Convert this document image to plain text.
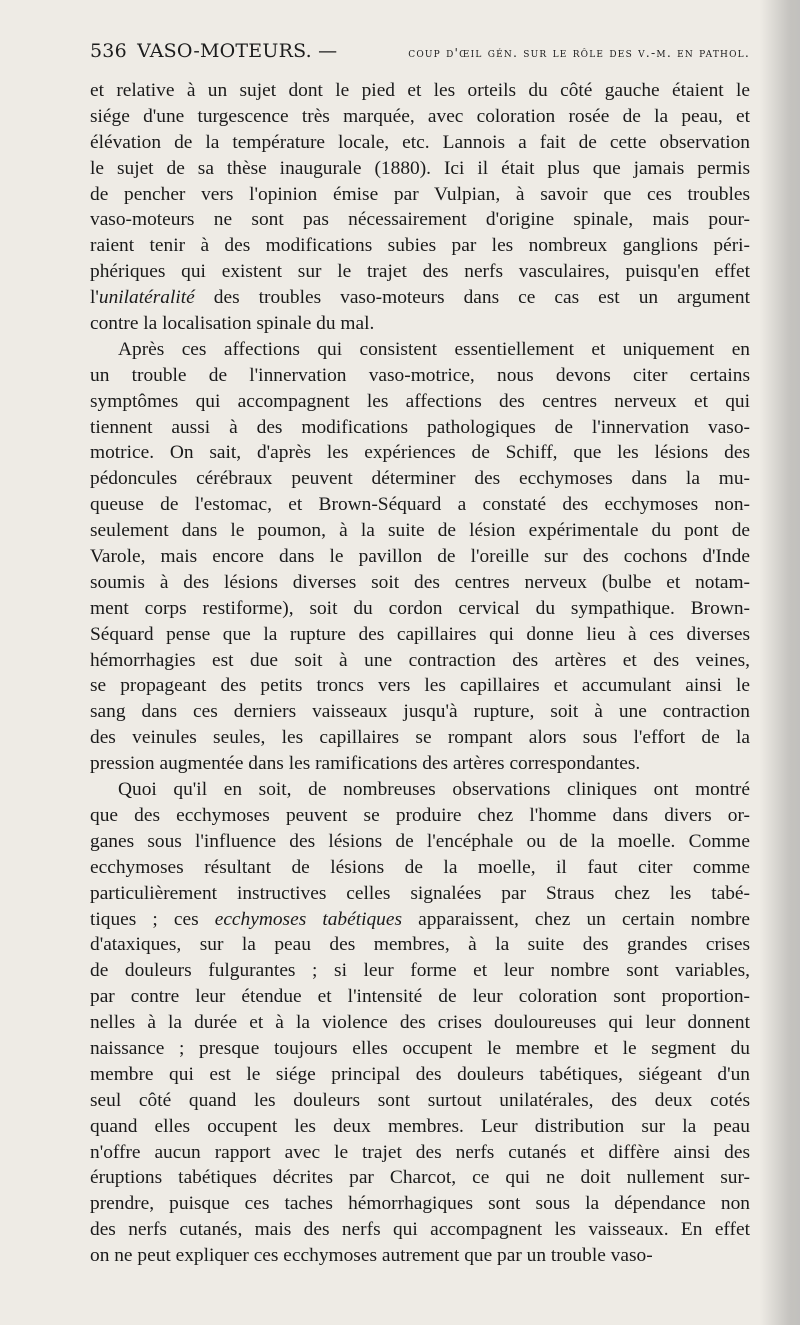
536 VASO-MOTEURS. —	coup d'œil gén. sur le rôle des v.-m. en pathol.
et relative à un sujet dont le pied et les orteils du côté gauche étaient le
siége d'une turgescence très marquée, avec coloration rosée de la peau, et
élévation de la température locale, etc. Lannois a fait de cette observation
le sujet de sa thèse inaugurale (1880). Ici il était plus que jamais permis
de pencher vers l'opinion émise par Vulpian, à savoir que ces troubles
vaso-moteurs ne sont pas nécessairement d'origine spinale, mais pour-
raient tenir à des modifications subies par les nombreux ganglions péri-
phériques qui existent sur le trajet des nerfs vasculaires, puisqu'en effet
l'unilatéralité des troubles vaso-moteurs dans ce cas est un argument
contre la localisation spinale du mal.
Après ces affections qui consistent essentiellement et uniquement en
un trouble de l'innervation vaso-motrice, nous devons citer certains
symptômes qui accompagnent les affections des centres nerveux et qui
tiennent aussi à des modifications pathologiques de l'innervation vaso-
motrice. On sait, d'après les expériences de Schiff, que les lésions des
pédoncules cérébraux peuvent déterminer des ecchymoses dans la mu-
queuse de l'estomac, et Brown-Séquard a constaté des ecchymoses non-
seulement dans le poumon, à la suite de lésion expérimentale du pont de
Varole, mais encore dans le pavillon de l'oreille sur des cochons d'Inde
soumis à des lésions diverses soit des centres nerveux (bulbe et notam-
ment corps restiforme), soit du cordon cervical du sympathique. Brown-
Séquard pense que la rupture des capillaires qui donne lieu à ces diverses
hémorrhagies est due soit à une contraction des artères et des veines,
se propageant des petits troncs vers les capillaires et accumulant ainsi le
sang dans ces derniers vaisseaux jusqu'à rupture, soit à une contraction
des veinules seules, les capillaires se rompant alors sous l'effort de la
pression augmentée dans les ramifications des artères correspondantes.
Quoi qu'il en soit, de nombreuses observations cliniques ont montré
que des ecchymoses peuvent se produire chez l'homme dans divers or-
ganes sous l'influence des lésions de l'encéphale ou de la moelle. Comme
ecchymoses résultant de lésions de la moelle, il faut citer comme
particulièrement instructives celles signalées par Straus chez les tabé-
tiques ; ces ecchymoses tabétiques apparaissent, chez un certain nombre
d'ataxiques, sur la peau des membres, à la suite des grandes crises
de douleurs fulgurantes ; si leur forme et leur nombre sont variables,
par contre leur étendue et l'intensité de leur coloration sont proportion-
nelles à la durée et à la violence des crises douloureuses qui leur donnent
naissance ; presque toujours elles occupent le membre et le segment du
membre qui est le siége principal des douleurs tabétiques, siégeant d'un
seul côté quand les douleurs sont surtout unilatérales, des deux cotés
quand elles occupent les deux membres. Leur distribution sur la peau
n'offre aucun rapport avec le trajet des nerfs cutanés et diffère ainsi des
éruptions tabétiques décrites par Charcot, ce qui ne doit nullement sur-
prendre, puisque ces taches hémorrhagiques sont sous la dépendance non
des nerfs cutanés, mais des nerfs qui accompagnent les vaisseaux. En effet
on ne peut expliquer ces ecchymoses autrement que par un trouble vaso-
